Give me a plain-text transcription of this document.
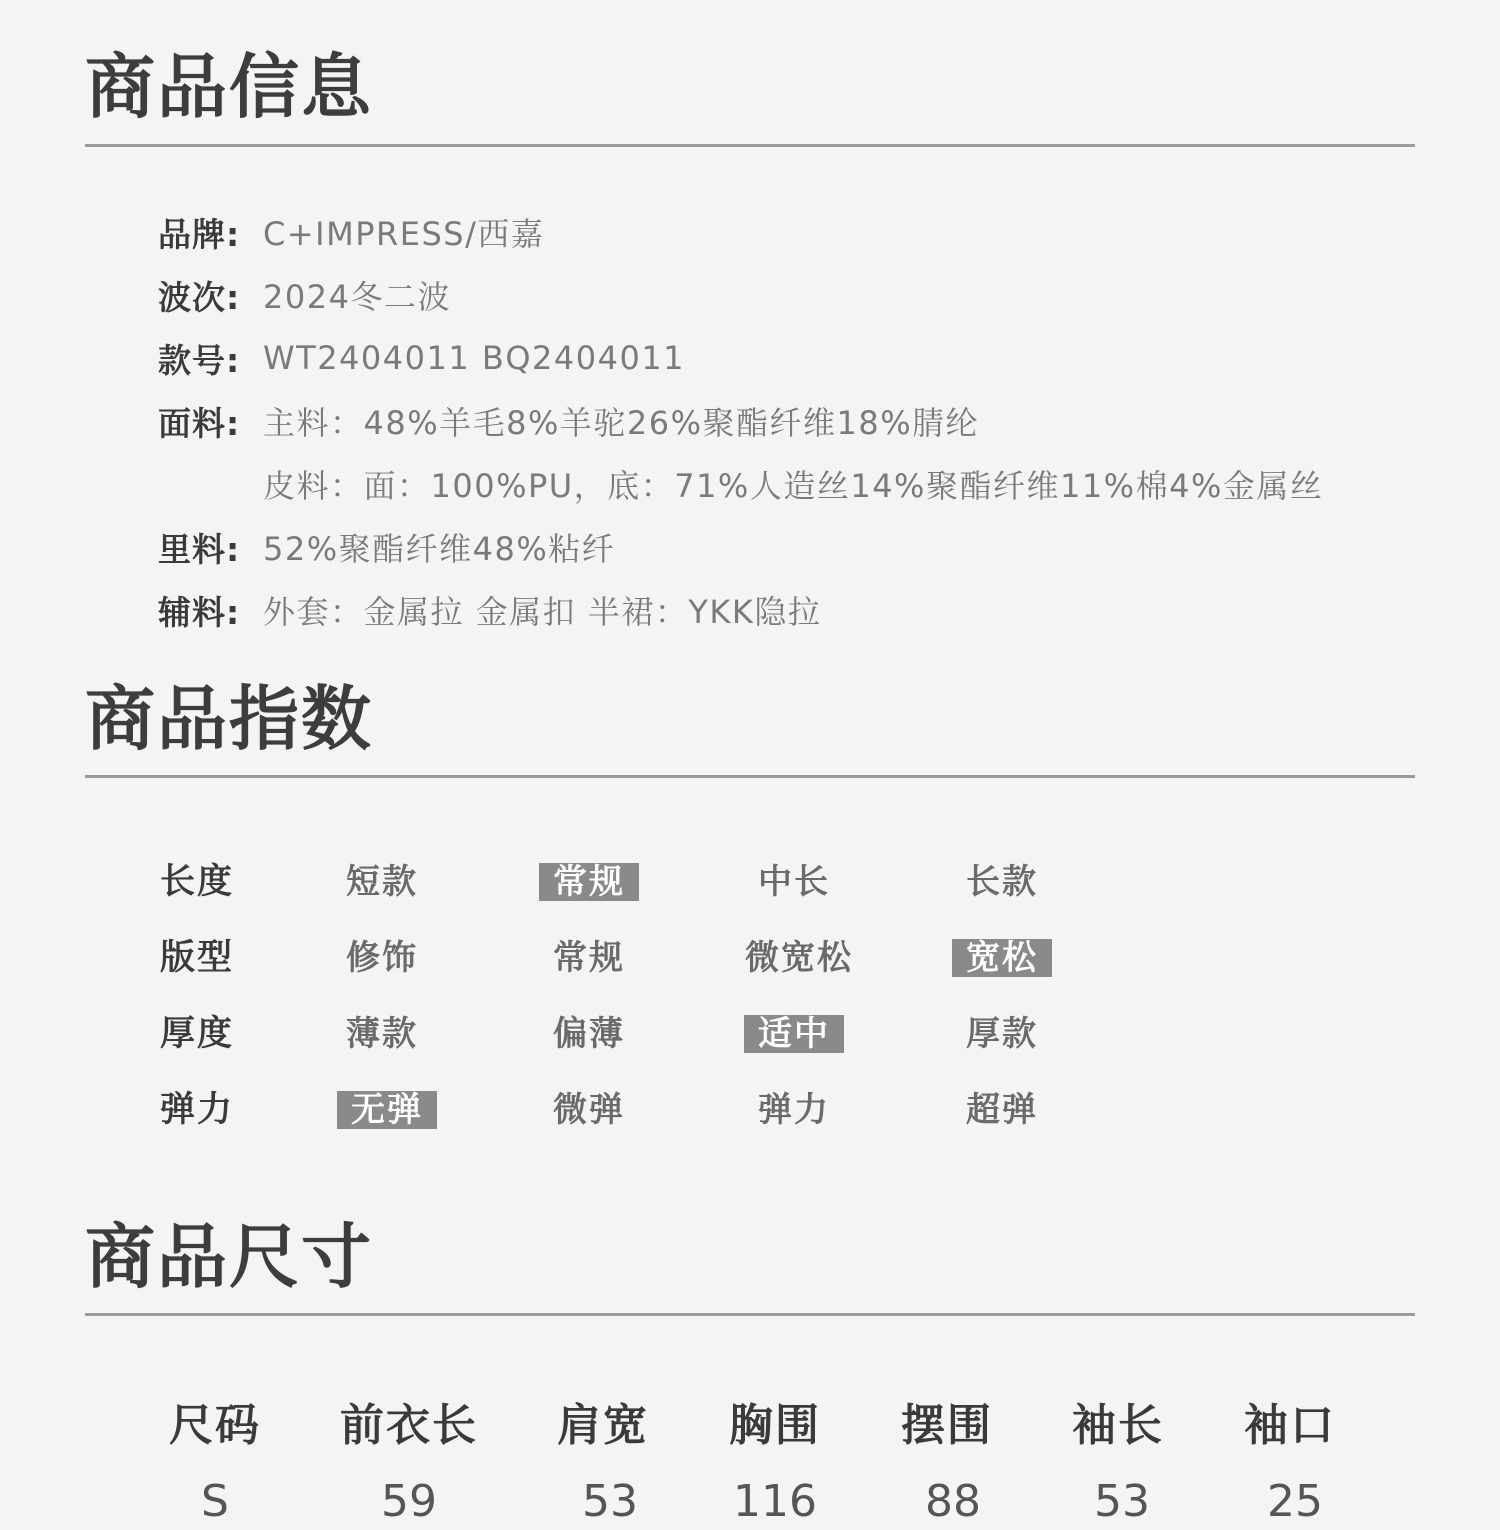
商品信息
品牌: C+IMPRESS/西嘉
波次: 2024冬二波
款号: WT2404011 BQ2404011
面料: 主料：48%羊毛8%羊驼26%聚酯纤维18%腈纶
皮料：面：100%PU，底：71%人造丝14%聚酯纤维11%棉4%金属丝
里料: 52%聚酯纤维48%粘纤
辅料: 外套：金属拉 金属扣 半裙：YKK隐拉
商品指数
长度	短款	常规	中长	长款
版型	修饰	常规	微宽松	宽松
厚度	薄款	偏薄	适中	厚款
弹力	无弹	微弹	弹力	超弹
商品尺寸
尺码	前衣长	肩宽	胸围	摆围	袖长	袖口
S	59	53	116	88	53	25
